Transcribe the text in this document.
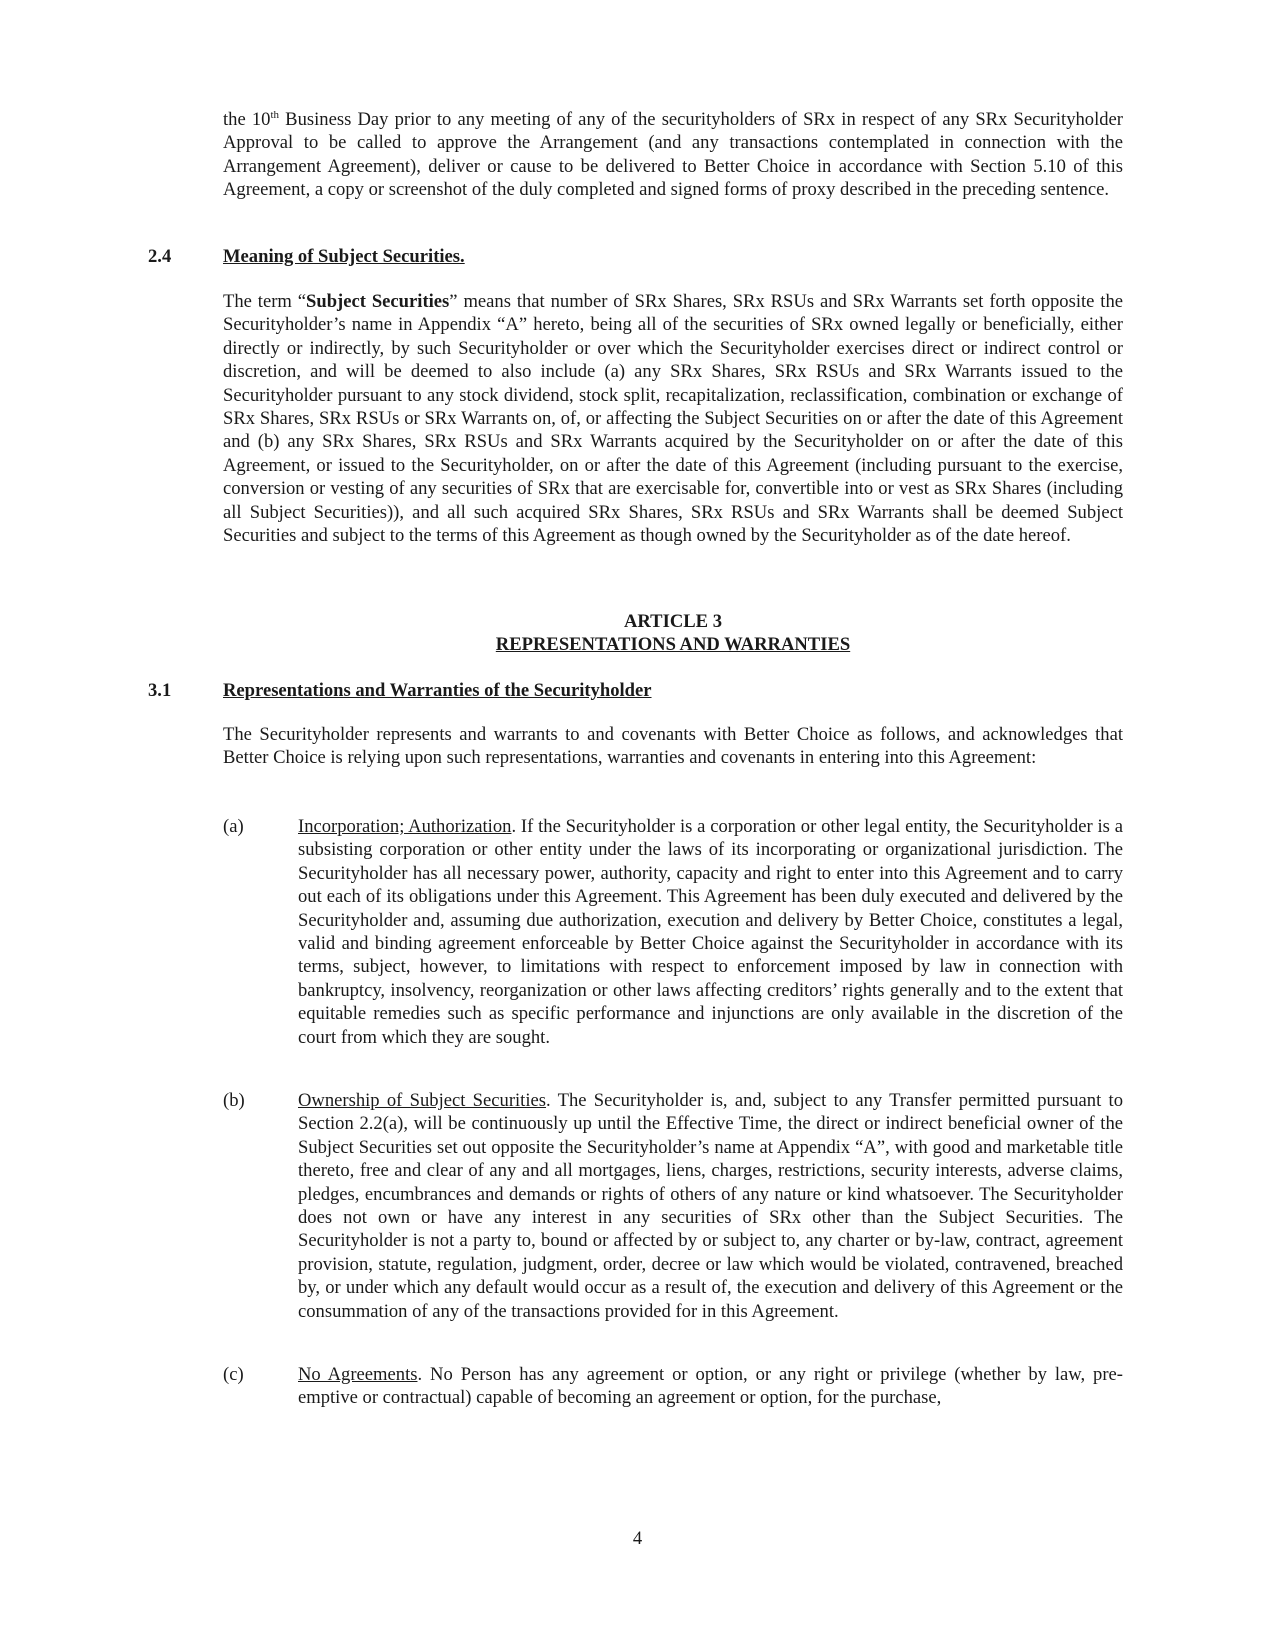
the 10th Business Day prior to any meeting of any of the securityholders of SRx in respect of any SRx Securityholder Approval to be called to approve the Arrangement (and any transactions contemplated in connection with the Arrangement Agreement), deliver or cause to be delivered to Better Choice in accordance with Section 5.10 of this Agreement, a copy or screenshot of the duly completed and signed forms of proxy described in the preceding sentence.

2.4	Meaning of Subject Securities.

The term “Subject Securities” means that number of SRx Shares, SRx RSUs and SRx Warrants set forth opposite the Securityholder’s name in Appendix “A” hereto, being all of the securities of SRx owned legally or beneficially, either directly or indirectly, by such Securityholder or over which the Securityholder exercises direct or indirect control or discretion, and will be deemed to also include (a) any SRx Shares, SRx RSUs and SRx Warrants issued to the Securityholder pursuant to any stock dividend, stock split, recapitalization, reclassification, combination or exchange of SRx Shares, SRx RSUs or SRx Warrants on, of, or affecting the Subject Securities on or after the date of this Agreement and (b) any SRx Shares, SRx RSUs and SRx Warrants acquired by the Securityholder on or after the date of this Agreement, or issued to the Securityholder, on or after the date of this Agreement (including pursuant to the exercise, conversion or vesting of any securities of SRx that are exercisable for, convertible into or vest as SRx Shares (including all Subject Securities)), and all such acquired SRx Shares, SRx RSUs and SRx Warrants shall be deemed Subject Securities and subject to the terms of this Agreement as though owned by the Securityholder as of the date hereof.

ARTICLE 3
REPRESENTATIONS AND WARRANTIES
3.1	Representations and Warranties of the Securityholder

The Securityholder represents and warrants to and covenants with Better Choice as follows, and acknowledges that Better Choice is relying upon such representations, warranties and covenants in entering into this Agreement:

(a)	Incorporation; Authorization. If the Securityholder is a corporation or other legal entity, the Securityholder is a subsisting corporation or other entity under the laws of its incorporating or organizational jurisdiction. The Securityholder has all necessary power, authority, capacity and right to enter into this Agreement and to carry out each of its obligations under this Agreement. This Agreement has been duly executed and delivered by the Securityholder and, assuming due authorization, execution and delivery by Better Choice, constitutes a legal, valid and binding agreement enforceable by Better Choice against the Securityholder in accordance with its terms, subject, however, to limitations with respect to enforcement imposed by law in connection with bankruptcy, insolvency, reorganization or other laws affecting creditors’ rights generally and to the extent that equitable remedies such as specific performance and injunctions are only available in the discretion of the court from which they are sought.

(b)	Ownership of Subject Securities. The Securityholder is, and, subject to any Transfer permitted pursuant to Section 2.2(a), will be continuously up until the Effective Time, the direct or indirect beneficial owner of the Subject Securities set out opposite the Securityholder’s name at Appendix “A”, with good and marketable title thereto, free and clear of any and all mortgages, liens, charges, restrictions, security interests, adverse claims, pledges, encumbrances and demands or rights of others of any nature or kind whatsoever. The Securityholder does not own or have any interest in any securities of SRx other than the Subject Securities. The Securityholder is not a party to, bound or affected by or subject to, any charter or by-law, contract, agreement provision, statute, regulation, judgment, order, decree or law which would be violated, contravened, breached by, or under which any default would occur as a result of, the execution and delivery of this Agreement or the consummation of any of the transactions provided for in this Agreement.

(c)	No Agreements. No Person has any agreement or option, or any right or privilege (whether by law, pre-emptive or contractual) capable of becoming an agreement or option, for the purchase,

4
